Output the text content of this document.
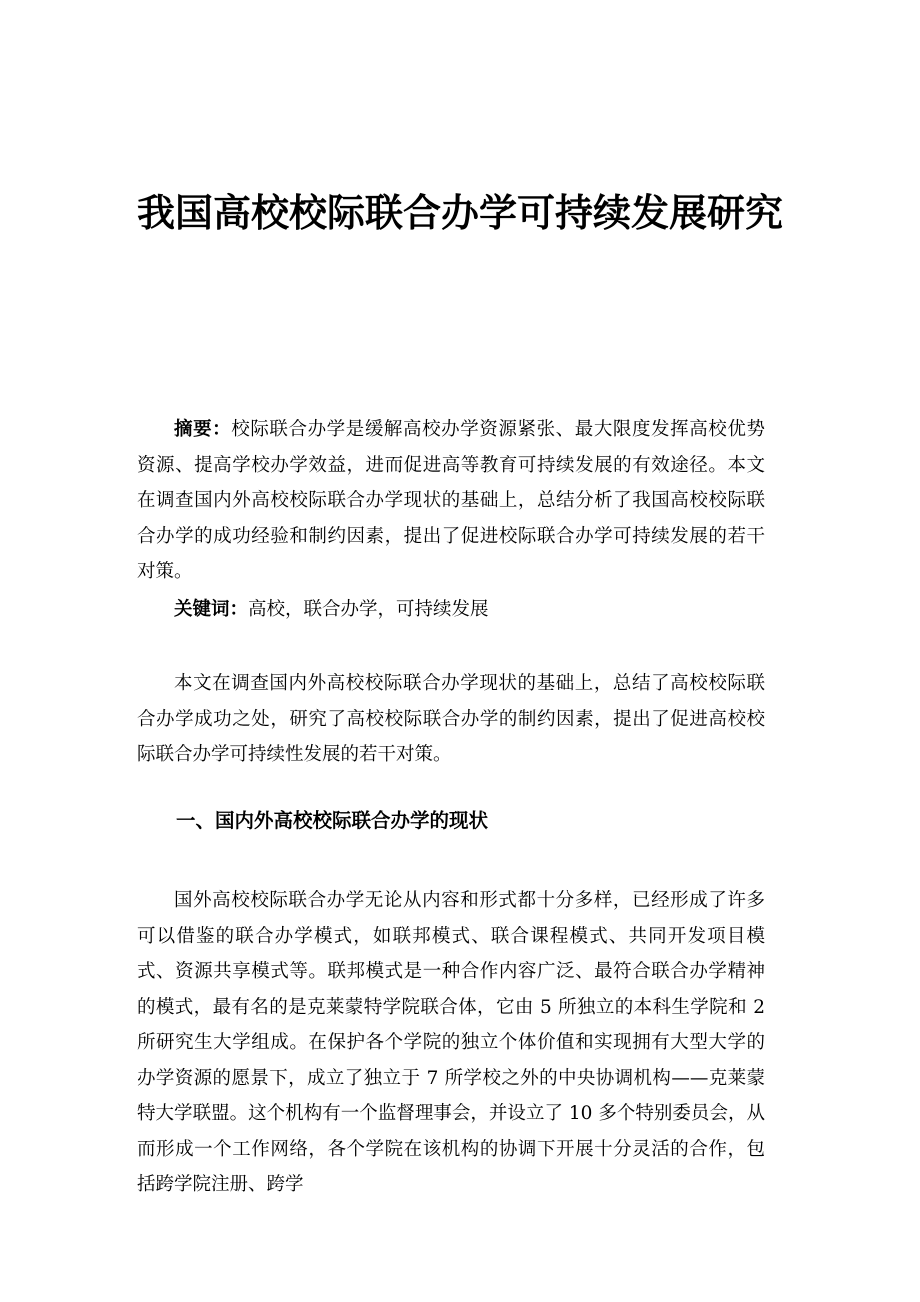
我国高校校际联合办学可持续发展研究

摘要：校际联合办学是缓解高校办学资源紧张、最大限度发挥高校优势资源、提高学校办学效益，进而促进高等教育可持续发展的有效途径。本文在调查国内外高校校际联合办学现状的基础上，总结分析了我国高校校际联合办学的成功经验和制约因素，提出了促进校际联合办学可持续发展的若干对策。

关键词：高校，联合办学，可持续发展

本文在调查国内外高校校际联合办学现状的基础上，总结了高校校际联合办学成功之处，研究了高校校际联合办学的制约因素，提出了促进高校校际联合办学可持续性发展的若干对策。

一、国内外高校校际联合办学的现状

国外高校校际联合办学无论从内容和形式都十分多样，已经形成了许多可以借鉴的联合办学模式，如联邦模式、联合课程模式、共同开发项目模式、资源共享模式等。联邦模式是一种合作内容广泛、最符合联合办学精神的模式，最有名的是克莱蒙特学院联合体，它由 5 所独立的本科生学院和 2 所研究生大学组成。在保护各个学院的独立个体价值和实现拥有大型大学的办学资源的愿景下，成立了独立于 7 所学校之外的中央协调机构——克莱蒙特大学联盟。这个机构有一个监督理事会，并设立了 10 多个特别委员会，从而形成一个工作网络，各个学院在该机构的协调下开展十分灵活的合作，包括跨学院注册、跨学
